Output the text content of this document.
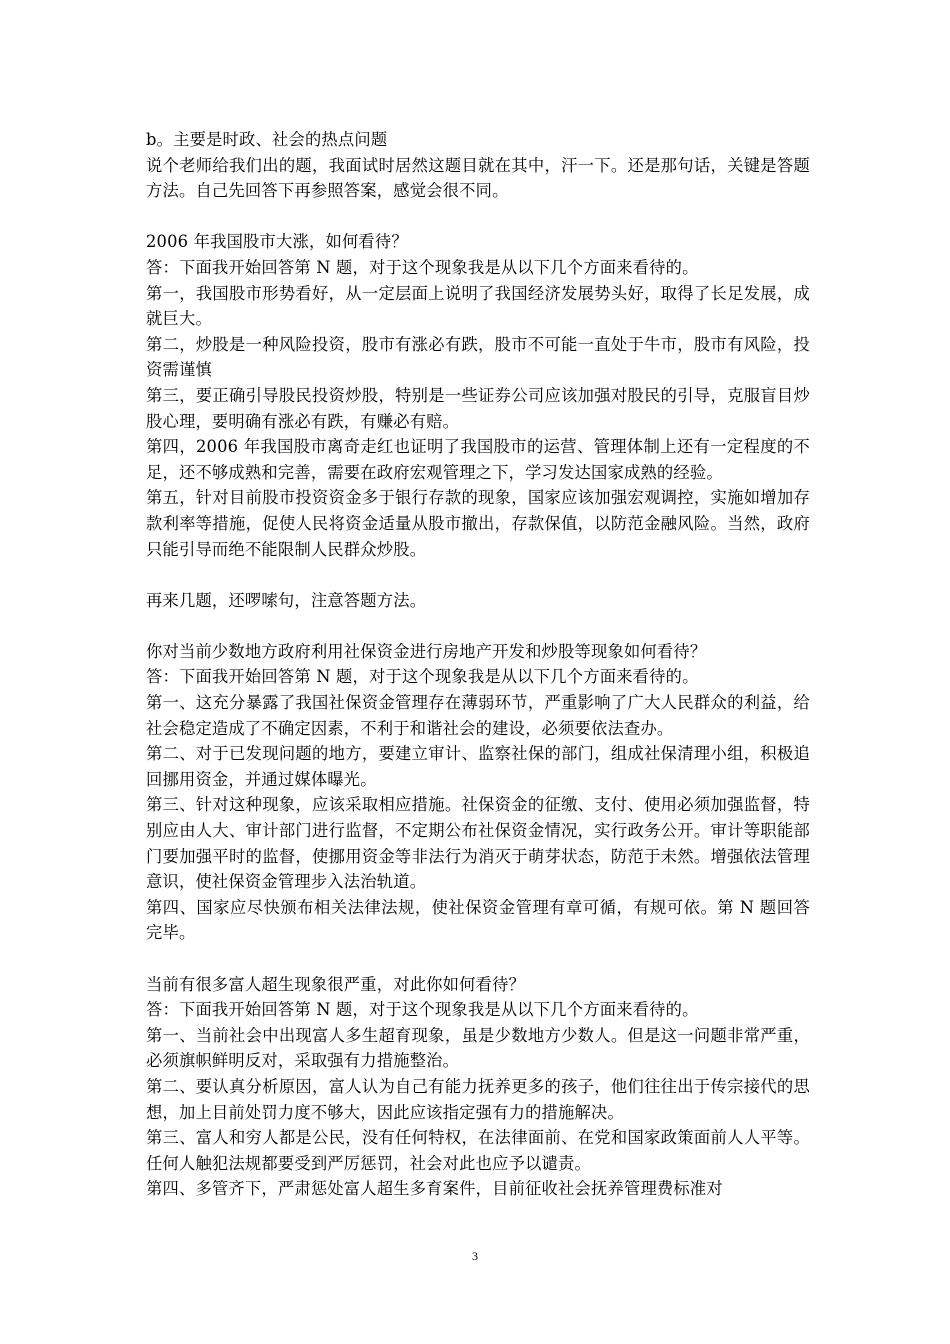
b。主要是时政、社会的热点问题

说个老师给我们出的题，我面试时居然这题目就在其中，汗一下。还是那句话，关键是答题方法。自己先回答下再参照答案，感觉会很不同。

2006 年我国股市大涨，如何看待？

答：下面我开始回答第 N 题，对于这个现象我是从以下几个方面来看待的。

第一，我国股市形势看好，从一定层面上说明了我国经济发展势头好，取得了长足发展，成就巨大。

第二，炒股是一种风险投资，股市有涨必有跌，股市不可能一直处于牛市，股市有风险，投资需谨慎

第三，要正确引导股民投资炒股，特别是一些证券公司应该加强对股民的引导，克服盲目炒股心理，要明确有涨必有跌，有赚必有赔。

第四，2006 年我国股市离奇走红也证明了我国股市的运营、管理体制上还有一定程度的不足，还不够成熟和完善，需要在政府宏观管理之下，学习发达国家成熟的经验。

第五，针对目前股市投资资金多于银行存款的现象，国家应该加强宏观调控，实施如增加存款利率等措施，促使人民将资金适量从股市撤出，存款保值，以防范金融风险。当然，政府只能引导而绝不能限制人民群众炒股。

再来几题，还啰嗦句，注意答题方法。

你对当前少数地方政府利用社保资金进行房地产开发和炒股等现象如何看待？

答：下面我开始回答第 N 题，对于这个现象我是从以下几个方面来看待的。

第一、这充分暴露了我国社保资金管理存在薄弱环节，严重影响了广大人民群众的利益，给社会稳定造成了不确定因素，不利于和谐社会的建设，必须要依法查办。

第二、对于已发现问题的地方，要建立审计、监察社保的部门，组成社保清理小组，积极追回挪用资金，并通过媒体曝光。

第三、针对这种现象，应该采取相应措施。社保资金的征缴、支付、使用必须加强监督，特别应由人大、审计部门进行监督，不定期公布社保资金情况，实行政务公开。审计等职能部门要加强平时的监督，使挪用资金等非法行为消灭于萌芽状态，防范于未然。增强依法管理意识，使社保资金管理步入法治轨道。

第四、国家应尽快颁布相关法律法规，使社保资金管理有章可循，有规可依。第 N 题回答完毕。

当前有很多富人超生现象很严重，对此你如何看待？

答：下面我开始回答第 N 题，对于这个现象我是从以下几个方面来看待的。

第一、当前社会中出现富人多生超育现象，虽是少数地方少数人。但是这一问题非常严重，必须旗帜鲜明反对，采取强有力措施整治。

第二、要认真分析原因，富人认为自己有能力抚养更多的孩子，他们往往出于传宗接代的思想，加上目前处罚力度不够大，因此应该指定强有力的措施解决。

第三、富人和穷人都是公民，没有任何特权，在法律面前、在党和国家政策面前人人平等。任何人触犯法规都要受到严厉惩罚，社会对此也应予以谴责。

第四、多管齐下，严肃惩处富人超生多育案件，目前征收社会抚养管理费标准对

3
